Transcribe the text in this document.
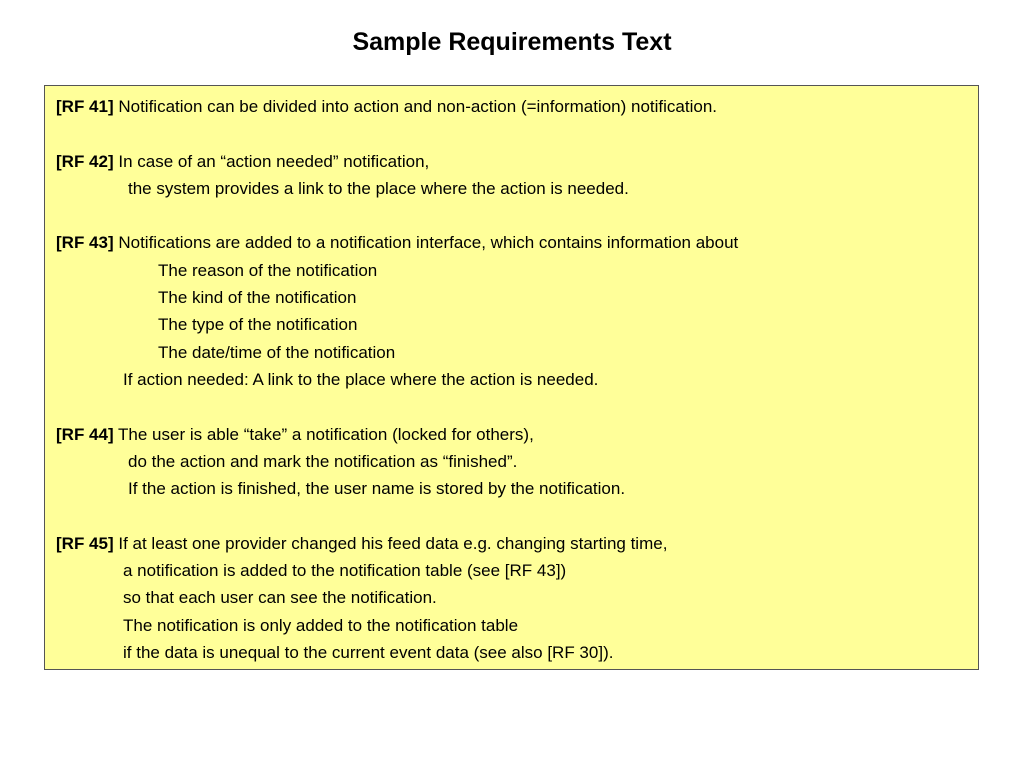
Sample Requirements Text
[RF 41] Notification can be divided into action and non-action (=information) notification.
[RF 42] In case of an “action needed” notification,
the system provides a link to the place where the action is needed.
[RF 43] Notifications are added to a notification interface, which contains information about
The reason of the notification
The kind of the notification
The type of the notification
The date/time of the notification
If action needed: A link to the place where the action is needed.
[RF 44] The user is able “take” a notification (locked for others),
do the action and mark the notification as “finished”.
If the action is finished, the user name is stored by the notification.
[RF 45] If at least one provider changed his feed data e.g. changing starting time,
a notification is added to the notification table (see [RF 43])
so that each user can see the notification.
The notification is only added to the notification table
if the data is unequal to the current event data (see also [RF 30]).
